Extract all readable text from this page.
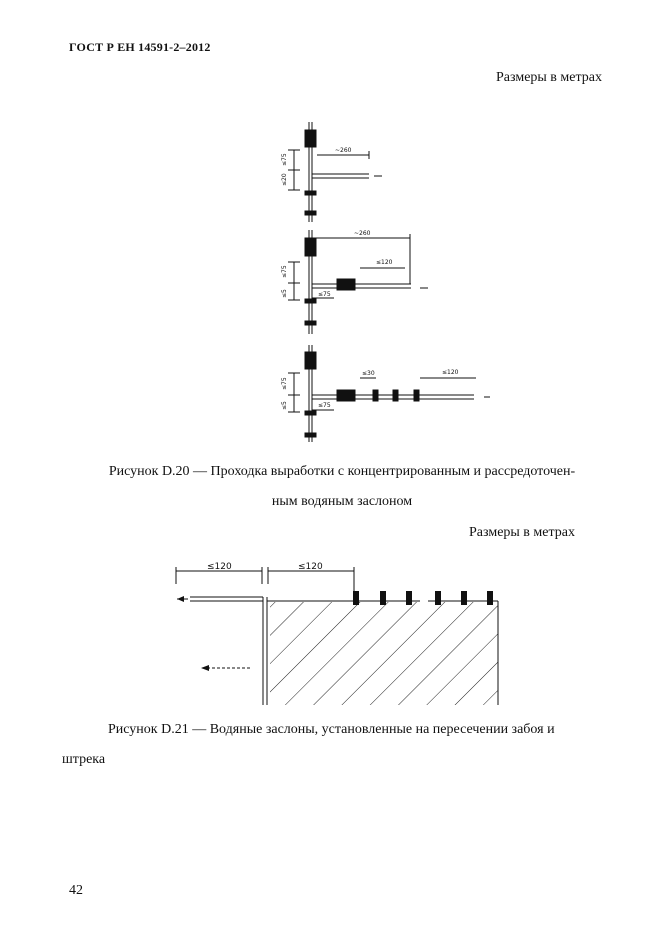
ГОСТ Р ЕН 14591-2–2012
Размеры в метрах
~260
≤75
≤20
~260
≤120
≤75
≤75
≤5
≤30	≤120
≤75
≤75
≤5
Рисунок D.20 — Проходка выработки с концентрированным и рассредоточен-
ным водяным заслоном
Размеры в метрах
≤120	≤120
Рисунок D.21 — Водяные заслоны, установленные на пересечении забоя и
штрека
42
